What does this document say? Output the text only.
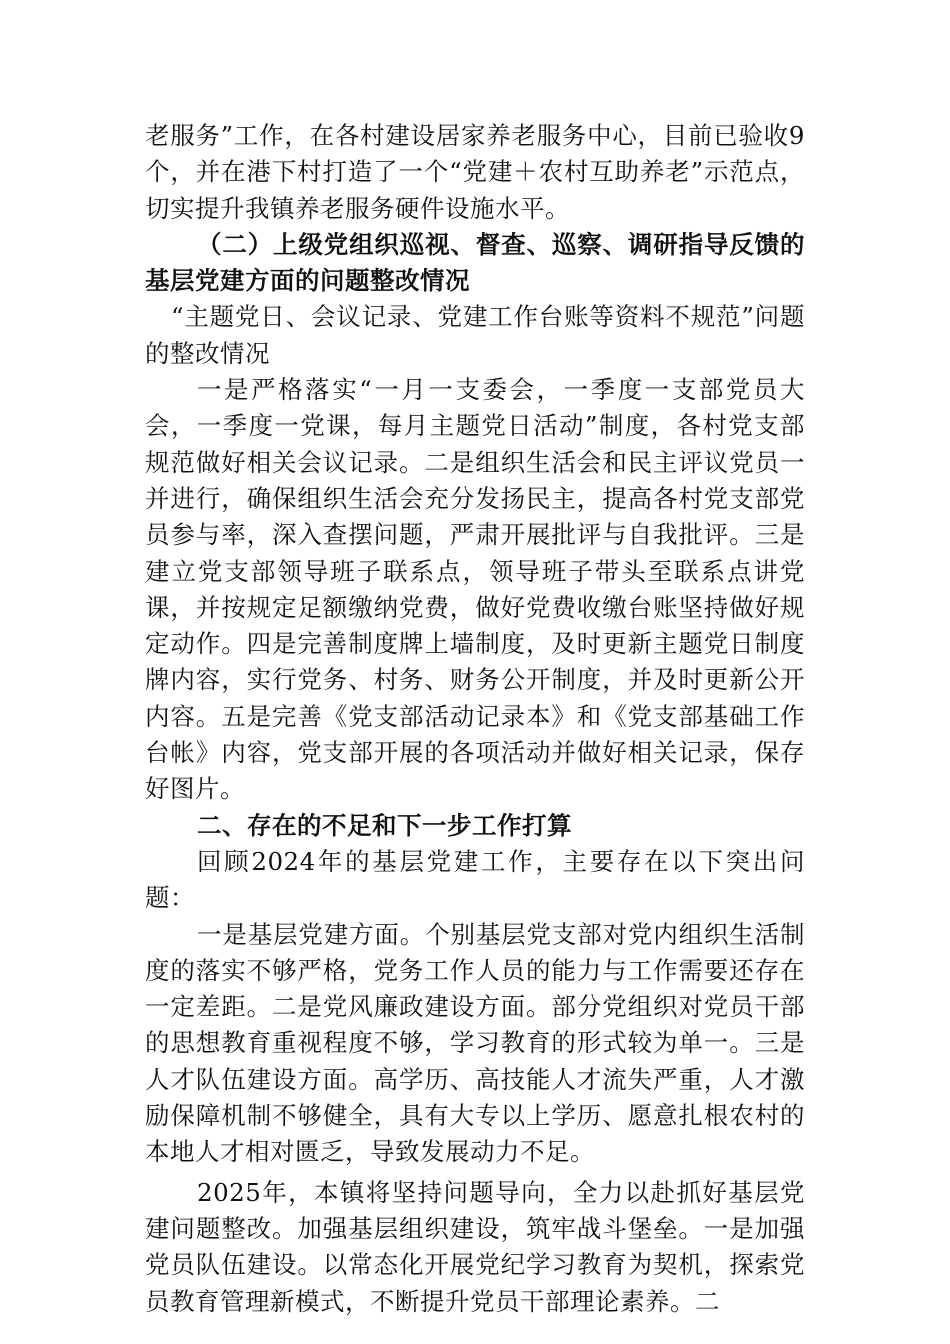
老服务”工作，在各村建设居家养老服务中心，目前已验收9个，并在港下村打造了一个“党建＋农村互助养老”示范点，切实提升我镇养老服务硬件设施水平。

（二）上级党组织巡视、督查、巡察、调研指导反馈的基层党建方面的问题整改情况

“主题党日、会议记录、党建工作台账等资料不规范”问题的整改情况

一是严格落实“一月一支委会，一季度一支部党员大会，一季度一党课，每月主题党日活动”制度，各村党支部规范做好相关会议记录。二是组织生活会和民主评议党员一并进行，确保组织生活会充分发扬民主，提高各村党支部党员参与率，深入查摆问题，严肃开展批评与自我批评。三是建立党支部领导班子联系点，领导班子带头至联系点讲党课，并按规定足额缴纳党费，做好党费收缴台账坚持做好规定动作。四是完善制度牌上墙制度，及时更新主题党日制度牌内容，实行党务、村务、财务公开制度，并及时更新公开内容。五是完善《党支部活动记录本》和《党支部基础工作台帐》内容，党支部开展的各项活动并做好相关记录，保存好图片。

二、存在的不足和下一步工作打算

回顾2024年的基层党建工作，主要存在以下突出问题：

一是基层党建方面。个别基层党支部对党内组织生活制度的落实不够严格，党务工作人员的能力与工作需要还存在一定差距。二是党风廉政建设方面。部分党组织对党员干部的思想教育重视程度不够，学习教育的形式较为单一。三是人才队伍建设方面。高学历、高技能人才流失严重，人才激励保障机制不够健全，具有大专以上学历、愿意扎根农村的本地人才相对匮乏，导致发展动力不足。

2025年，本镇将坚持问题导向，全力以赴抓好基层党建问题整改。加强基层组织建设，筑牢战斗堡垒。一是加强党员队伍建设。以常态化开展党纪学习教育为契机，探索党员教育管理新模式，不断提升党员干部理论素养。二
